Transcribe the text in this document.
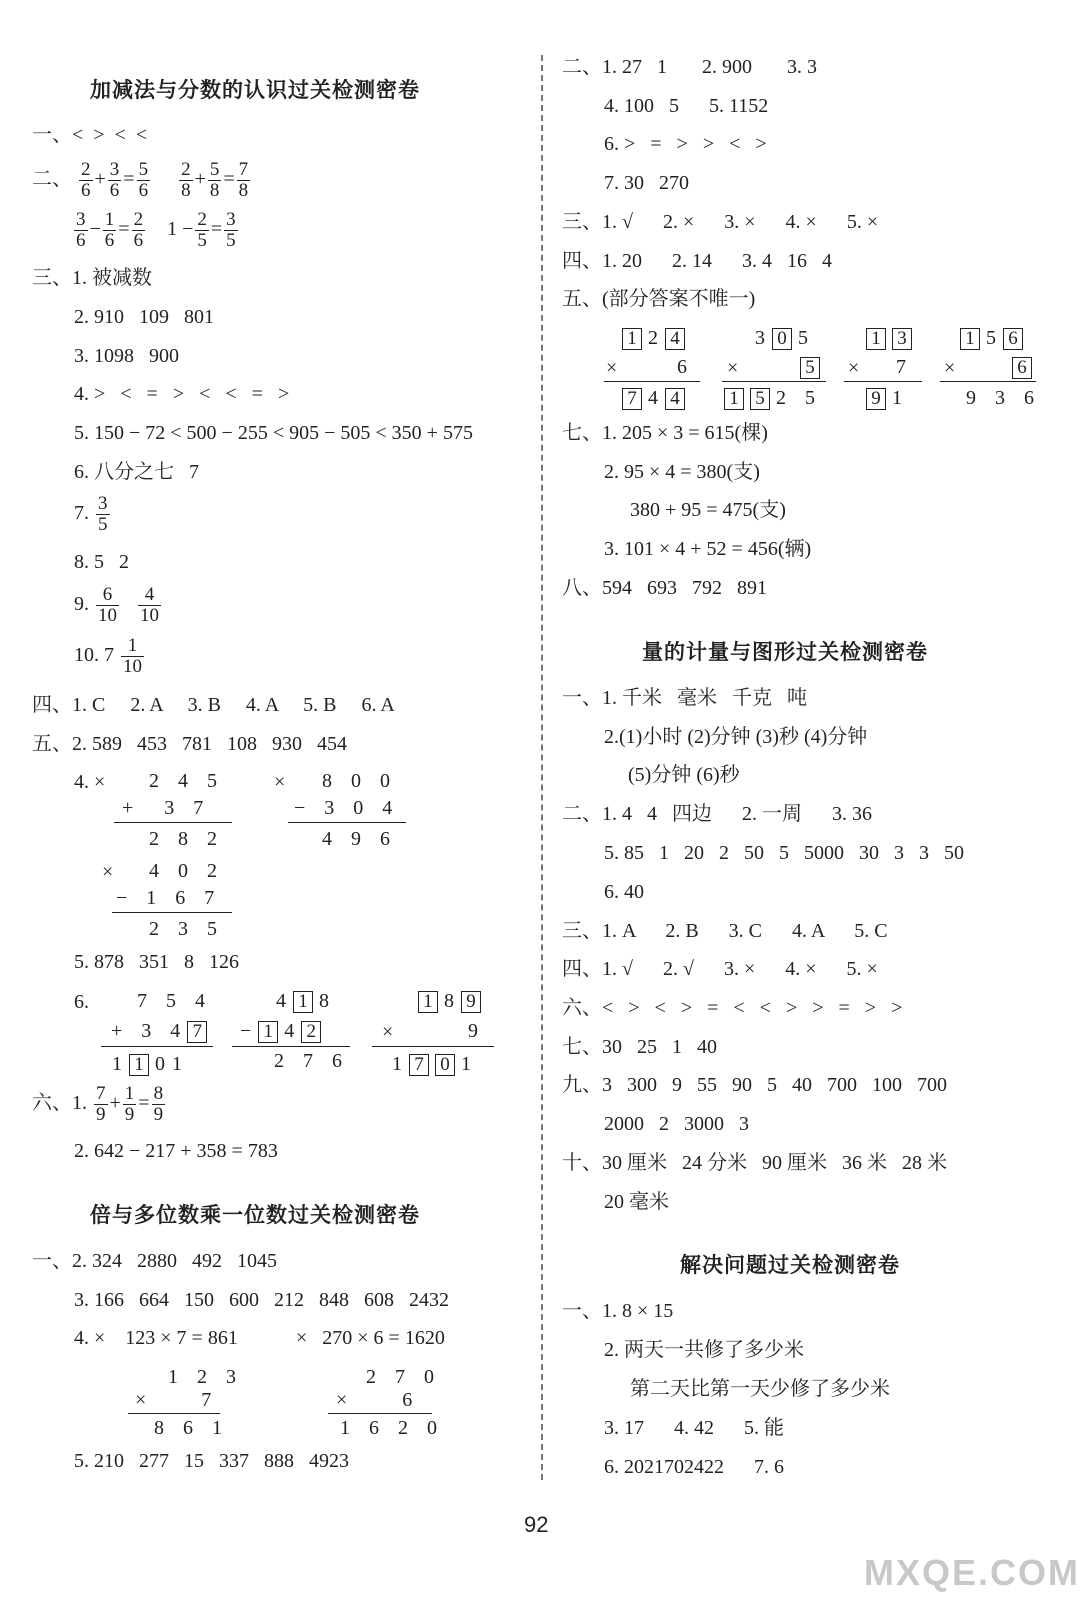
加减法与分数的认识过关检测密卷
一、<  >  <  <
二、 $\frac{2}{6} + \frac{3}{6} = \frac{5}{6}$
$\frac{2}{8} + \frac{5}{8} = \frac{7}{8}$
$\frac{3}{6} - \frac{1}{6} = \frac{2}{6} 1 - \frac{2}{5} = \frac{3}{5}$
三、1. 被减数
2. 910   109   801
3. 1098   900
4. >   <   =   >   <   <   =   >
5. 150 − 72 < 500 − 255 < 905 − 505 < 350 + 575
6. 八分之七   7
7. $\frac{3}{5}$
8. 5   2
9. $\frac{6}{10}$
$\frac{4}{10}$
10. $7 \frac{1}{10}$
四、1. C     2. A     3. B     4. A     5. B     6. A
五、2. 589   453   781   108   930   454
4. × 2 4 5
+  3 7
2 8 2
× 8 0 0
− 3 0 4
4 9 6
× 4 0 2
− 1 6 7
2 3 5
5. 878   351   8   126
6. 7 5 4
+ 3 4 7
1 1 01
4 1 8
− 1 4 2
2 7 6
1 8 9
×	9
1 7 0 1
六、1. $\frac{7}{9} + \frac{1}{9} = \frac{8}{9}$
2. 642 − 217 + 358 = 783
倍与多位数乘一位数过关检测密卷
一、2. 324   2880   492   1045
3. 166   664   150   600   212   848   608   2432
4. ×    123 × 7 = 861	×   270 × 6 = 1620
1 2 3
×    7
8 6 1
2 7 0
×    6
1 6 2 0
5. 210   277   15   337   888   4923
二、1. 27   1       2. 900       3. 3
4. 100   5      5. 1152
6. >   =   >   >   <   >
7. 30   270
三、1. √      2. ×      3. ×      4. ×      5. ×
四、1. 20      2. 14      3. 4   16   4
五、(部分答案不唯一)
1 2 4
×	6
7 4 4
3 0 5
×	5
1 5 2 5
1 3
× 7
9 1
1 5 6
×	6
9 3 6
七、1. 205 × 3 = 615(棵)
2. 95 × 4 = 380(支)
380 + 95 = 475(支)
3. 101 × 4 + 52 = 456(辆)
八、594   693   792   891
量的计量与图形过关检测密卷
一、1. 千米   毫米   千克   吨
2.(1)小时 (2)分钟 (3)秒 (4)分钟
(5)分钟 (6)秒
二、1. 4   4   四边      2. 一周      3. 36
5. 85   1   20   2   50   5   5000   30   3   3   50
6. 40
三、1. A      2. B      3. C      4. A      5. C
四、1. √      2. √      3. ×      4. ×      5. ×
六、<   >   <   >   =   <   <   >   >   =   >   >
七、30   25   1   40
九、3   300   9   55   90   5   40   700   100   700
2000   2   3000   3
十、30 厘米   24 分米   90 厘米   36 米   28 米
20 毫米
解决问题过关检测密卷
一、1. 8 × 15
2. 两天一共修了多少米
第二天比第一天少修了多少米
3. 17      4. 42      5. 能
6. 2021702422      7. 6
92
MXQE.COM
